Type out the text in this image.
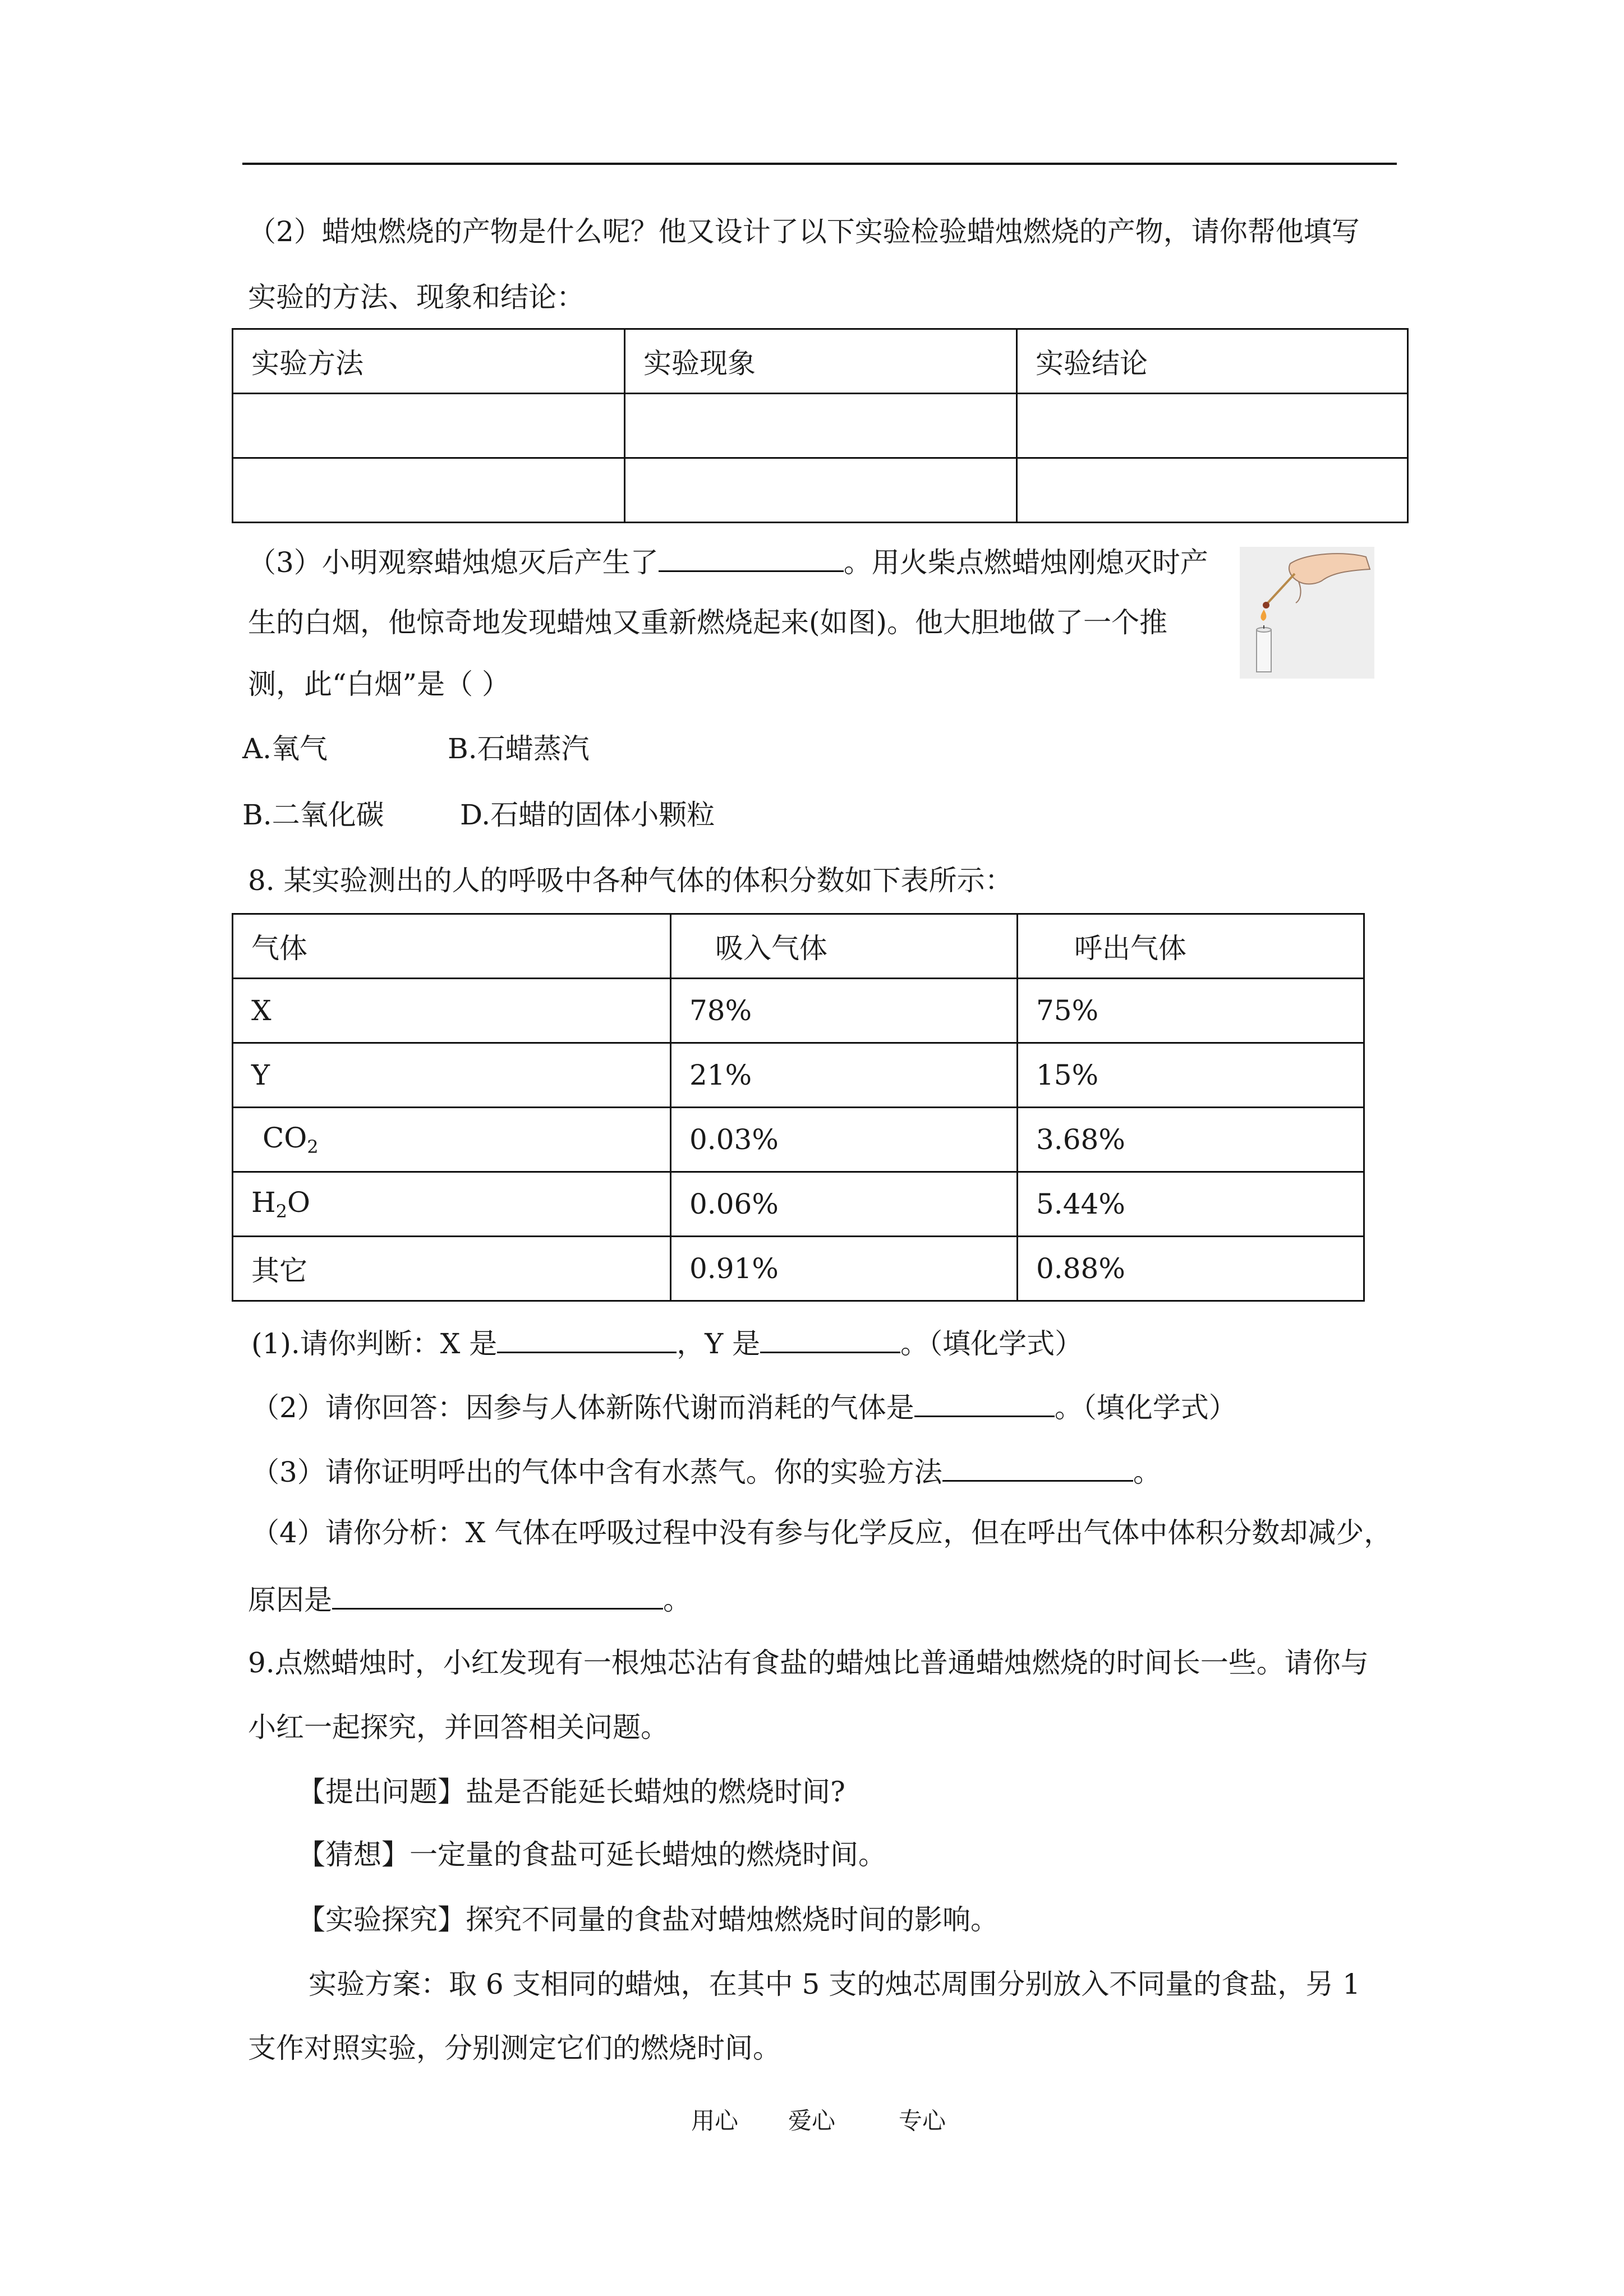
（2）蜡烛燃烧的产物是什么呢？他又设计了以下实验检验蜡烛燃烧的产物，请你帮他填写
实验的方法、现象和结论：
实验方法	实验现象	实验结论

（3）小明观察蜡烛熄灭后产生了	。用火柴点燃蜡烛刚熄灭时产
生的白烟，他惊奇地发现蜡烛又重新燃烧起来(如图)。他大胆地做了一个推
测，此“白烟”是（ ）
A.氧气	B.石蜡蒸汽
B.二氧化碳	D.石蜡的固体小颗粒
8. 某实验测出的人的呼吸中各种气体的体积分数如下表所示：
气体	吸入气体	呼出气体
X	78%	75%
Y	21%	15%
$CO_2$	0.03%	3.68%
$H_2O$	0.06%	5.44%
其它	0.91%	0.88%
(1).请你判断：X 是	，Y 是	。（填化学式）
（2）请你回答：因参与人体新陈代谢而消耗的气体是	。（填化学式）
（3）请你证明呼出的气体中含有水蒸气。你的实验方法	。
（4）请你分析：X 气体在呼吸过程中没有参与化学反应，但在呼出气体中体积分数却减少，
原因是	。
9.点燃蜡烛时，小红发现有一根烛芯沾有食盐的蜡烛比普通蜡烛燃烧的时间长一些。请你与
小红一起探究，并回答相关问题。
【提出问题】盐是否能延长蜡烛的燃烧时间?
【猜想】一定量的食盐可延长蜡烛的燃烧时间。
【实验探究】探究不同量的食盐对蜡烛燃烧时间的影响。
实验方案：取 6 支相同的蜡烛，在其中 5 支的烛芯周围分别放入不同量的食盐，另 1
支作对照实验，分别测定它们的燃烧时间。
用心 爱心	专心
